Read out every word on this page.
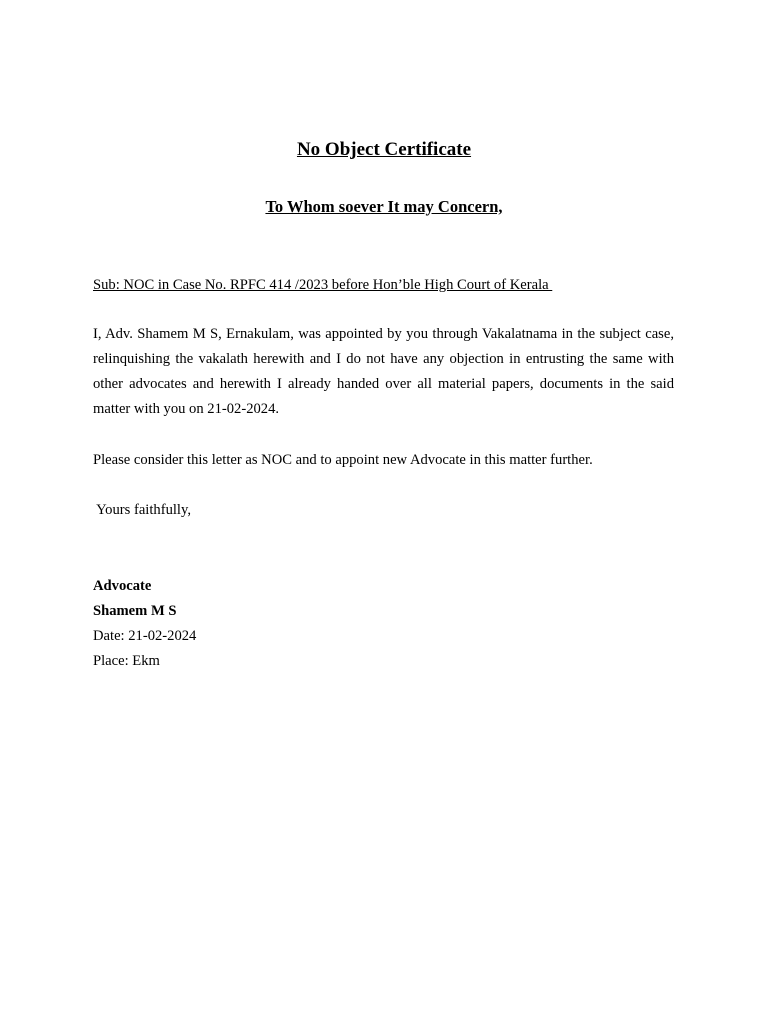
No Object Certificate
To Whom soever It may Concern,

Sub: NOC in Case No. RPFC 414 /2023 before Hon’ble High Court of Kerala

I, Adv. Shamem M S, Ernakulam, was appointed by you through Vakalatnama in the subject case, relinquishing the vakalath herewith and I do not have any objection in entrusting the same with other advocates and herewith I already handed over all material papers, documents in the said matter with you on 21-02-2024.

Please consider this letter as NOC and to appoint new Advocate in this matter further.

Yours faithfully,

Advocate

Shamem M S

Date: 21-02-2024

Place: Ekm
